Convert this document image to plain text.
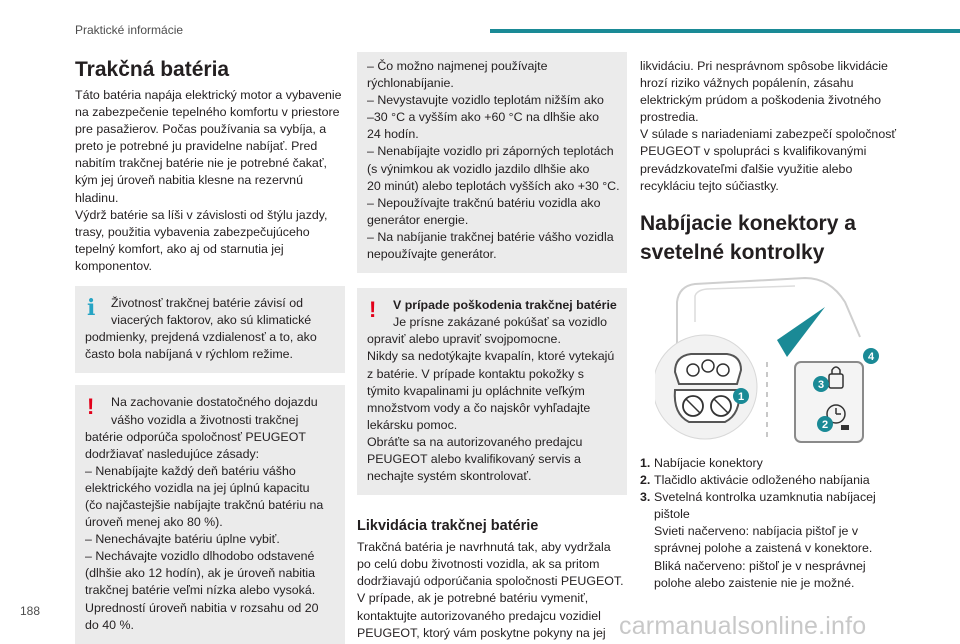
Praktické informácie
Trakčná batéria

Táto batéria napája elektrický motor a vybavenie
na zabezpečenie tepelného komfortu v priestore
pre pasažierov. Počas používania sa vybíja, a
preto je potrebné ju pravidelne nabíjať. Pred
nabitím trakčnej batérie nie je potrebné čakať,
kým jej úroveň nabitia klesne na rezervnú
hladinu.
Výdrž batérie sa líši v závislosti od štýlu jazdy,
trasy, použitia vybavenia zabezpečujúceho
tepelný komfort, ako aj od starnutia jej
komponentov.

i	Životnosť trakčnej batérie závisí od
viacerých faktorov, ako sú klimatické
podmienky, prejdená vzdialenosť a to, ako
často bola nabíjaná v rýchlom režime.
!	Na zachovanie dostatočného dojazdu
vášho vozidla a životnosti trakčnej
batérie odporúča spoločnosť PEUGEOT
dodržiavať nasledujúce zásady:
– Nenabíjajte každý deň batériu vášho
elektrického vozidla na jej úplnú kapacitu
(čo najčastejšie nabíjajte trakčnú batériu na
úroveň menej ako 80 %).
– Nenechávajte batériu úplne vybiť.
– Nechávajte vozidlo dlhodobo odstavené
(dlhšie ako 12 hodín), ak je úroveň nabitia
trakčnej batérie veľmi nízka alebo vysoká.
Upredností úroveň nabitia v rozsahu od 20
do 40 %.
– Čo možno najmenej používajte
rýchlonabíjanie.
– Nevystavujte vozidlo teplotám nižším ako
–30 °C a vyšším ako +60 °C na dlhšie ako
24 hodín.
– Nenabíjajte vozidlo pri záporných teplotách
(s výnimkou ak vozidlo jazdilo dlhšie ako
20 minút) alebo teplotách vyšších ako +30 °C.
– Nepoužívajte trakčnú batériu vozidla ako
generátor energie.
– Na nabíjanie trakčnej batérie vášho vozidla
nepoužívajte generátor.
!	V prípade poškodenia trakčnej batérie
Je prísne zakázané pokúšať sa vozidlo
opraviť alebo upraviť svojpomocne.
Nikdy sa nedotýkajte kvapalín, ktoré vytekajú
z batérie. V prípade kontaktu pokožky s
týmito kvapalinami ju opláchnite veľkým
množstvom vody a čo najskôr vyhľadajte
lekársku pomoc.
Obráťte sa na autorizovaného predajcu
PEUGEOT alebo kvalifikovaný servis a
nechajte systém skontrolovať.
Likvidácia trakčnej batérie

Trakčná batéria je navrhnutá tak, aby vydržala
po celú dobu životnosti vozidla, ak sa pritom
dodržiavajú odporúčania spoločnosti PEUGEOT.
V prípade, ak je potrebné batériu vymeniť,
kontaktujte autorizovaného predajcu vozidiel
PEUGEOT, ktorý vám poskytne pokyny na jej

likvidáciu. Pri nesprávnom spôsobe likvidácie
hrozí riziko vážnych popálenín, zásahu
elektrickým prúdom a poškodenia životného
prostredia.
V súlade s nariadeniami zabezpečí spoločnosť
PEUGEOT v spolupráci s kvalifikovanými
prevádzkovateľmi ďalšie využitie alebo
recykláciu tejto súčiastky.

Nabíjacie konektory a
svetelné kontrolky
1
2
3
4
1. Nabíjacie konektory
2. Tlačidlo aktivácie odloženého nabíjania
3. Svetelná kontrolka uzamknutia nabíjacej
pištole
Svieti načerveno: nabíjacia pištoľ je v
správnej polohe a zaistená v konektore.
Bliká načerveno: pištoľ je v nesprávnej
polohe alebo zaistenie nie je možné.
188
carmanualsonline.info
